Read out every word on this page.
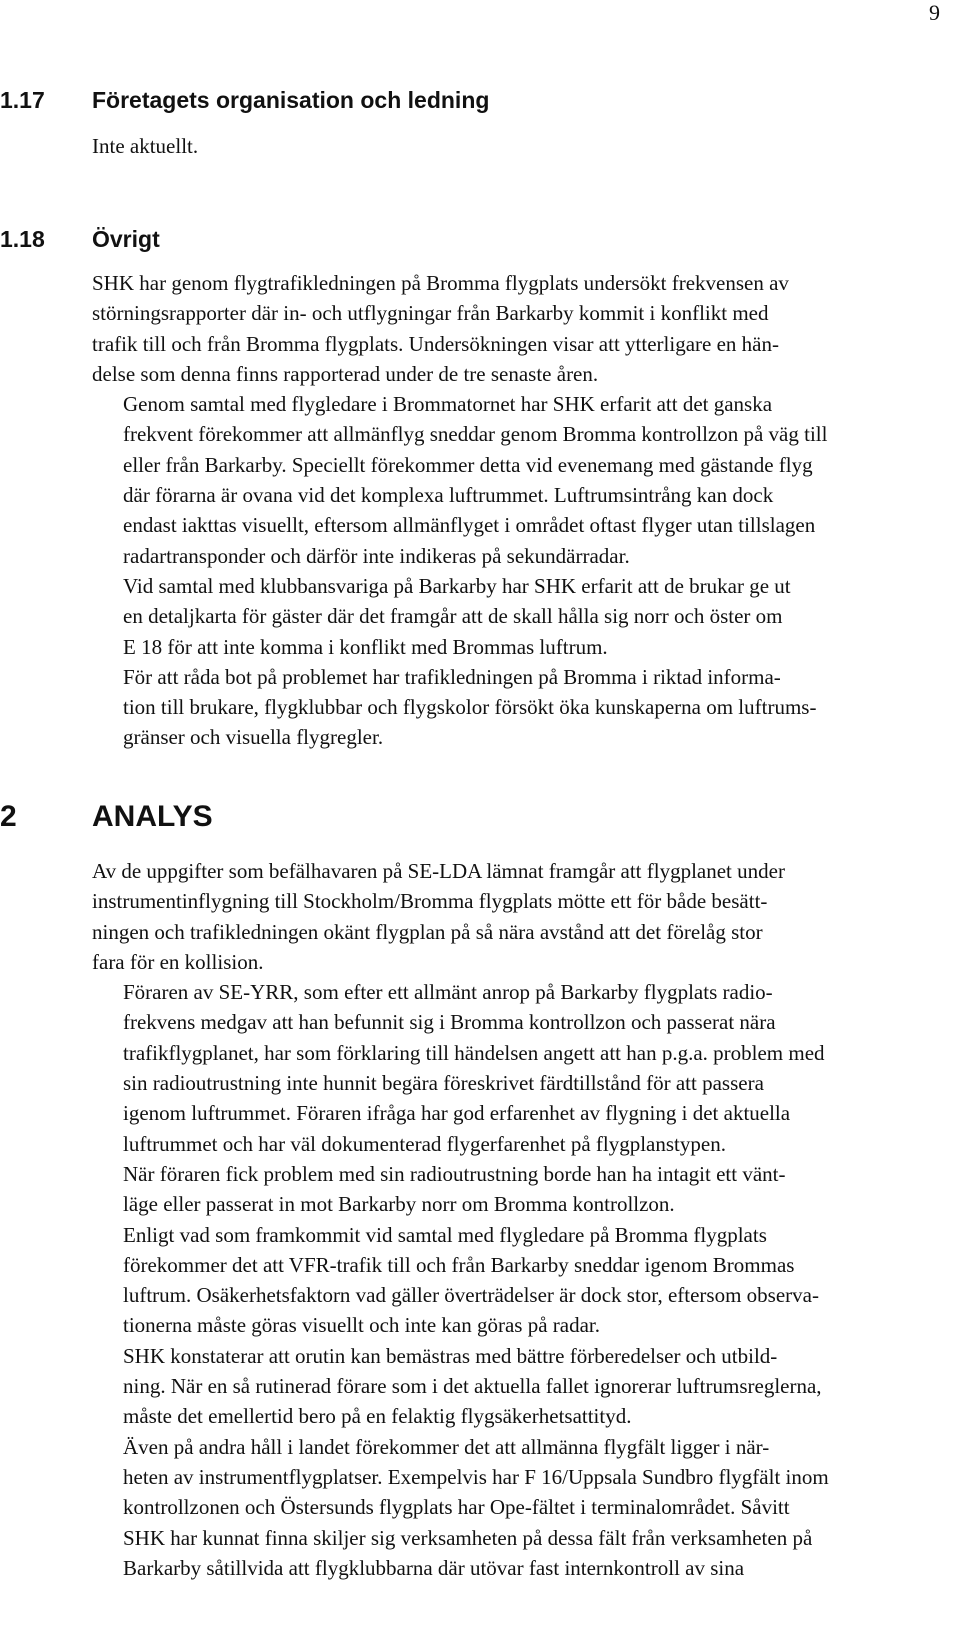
9
1.17 Företagets organisation och ledning

Inte aktuellt.

1.18 Övrigt

SHK har genom flygtrafikledningen på Bromma flygplats undersökt frekvensen av
störningsrapporter där in- och utflygningar från Barkarby kommit i konflikt med
trafik till och från Bromma flygplats. Undersökningen visar att ytterligare en hän-
delse som denna finns rapporterad under de tre senaste åren.

Genom samtal med flygledare i Brommatornet har SHK erfarit att det ganska
frekvent förekommer att allmänflyg sneddar genom Bromma kontrollzon på väg till
eller från Barkarby. Speciellt förekommer detta vid evenemang med gästande flyg
där förarna är ovana vid det komplexa luftrummet. Luftrumsintrång kan dock
endast iakttas visuellt, eftersom allmänflyget i området oftast flyger utan tillslagen
radartransponder och därför inte indikeras på sekundärradar.

Vid samtal med klubbansvariga på Barkarby har SHK erfarit att de brukar ge ut
en detaljkarta för gäster där det framgår att de skall hålla sig norr och öster om
E 18 för att inte komma i konflikt med Brommas luftrum.

För att råda bot på problemet har trafikledningen på Bromma i riktad informa-
tion till brukare, flygklubbar och flygskolor försökt öka kunskaperna om luftrums-
gränser och visuella flygregler.

2	ANALYS

Av de uppgifter som befälhavaren på SE-LDA lämnat framgår att flygplanet under
instrumentinflygning till Stockholm/Bromma flygplats mötte ett för både besätt-
ningen och trafikledningen okänt flygplan på så nära avstånd att det förelåg stor
fara för en kollision.

Föraren av SE-YRR, som efter ett allmänt anrop på Barkarby flygplats radio-
frekvens medgav att han befunnit sig i Bromma kontrollzon och passerat nära
trafikflygplanet, har som förklaring till händelsen angett att han p.g.a. problem med
sin radioutrustning inte hunnit begära föreskrivet färdtillstånd för att passera
igenom luftrummet. Föraren ifråga har god erfarenhet av flygning i det aktuella
luftrummet och har väl dokumenterad flygerfarenhet på flygplanstypen.

När föraren fick problem med sin radioutrustning borde han ha intagit ett vänt-
läge eller passerat in mot Barkarby norr om Bromma kontrollzon.

Enligt vad som framkommit vid samtal med flygledare på Bromma flygplats
förekommer det att VFR-trafik till och från Barkarby sneddar igenom Brommas
luftrum. Osäkerhetsfaktorn vad gäller överträdelser är dock stor, eftersom observa-
tionerna måste göras visuellt och inte kan göras på radar.

SHK konstaterar att orutin kan bemästras med bättre förberedelser och utbild-
ning. När en så rutinerad förare som i det aktuella fallet ignorerar luftrumsreglerna,
måste det emellertid bero på en felaktig flygsäkerhetsattityd.

Även på andra håll i landet förekommer det att allmänna flygfält ligger i när-
heten av instrumentflygplatser. Exempelvis har F 16/Uppsala Sundbro flygfält inom
kontrollzonen och Östersunds flygplats har Ope-fältet i terminalområdet. Såvitt
SHK har kunnat finna skiljer sig verksamheten på dessa fält från verksamheten på
Barkarby såtillvida att flygklubbarna där utövar fast internkontroll av sina
